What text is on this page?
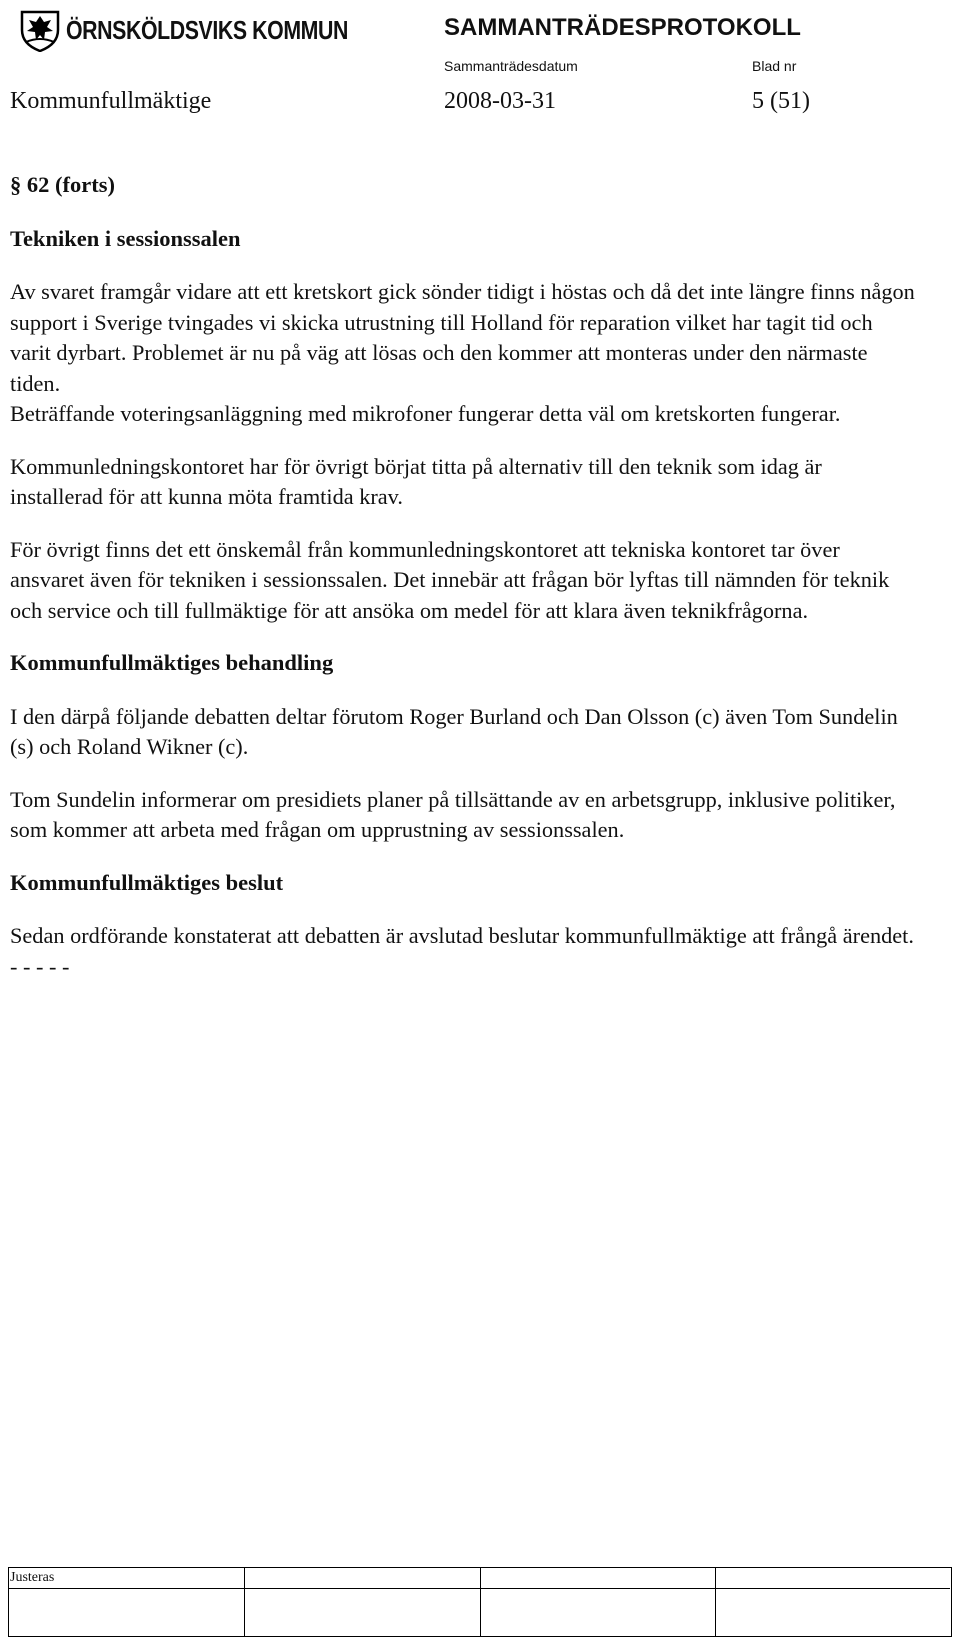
ÖRNSKÖLDSVIKS KOMMUN	SAMMANTRÄDESPROTOKOLL
Sammanträdesdatum	Blad nr
Kommunfullmäktige	2008-03-31	5 (51)
§ 62 (forts)
Tekniken i sessionssalen

Av svaret framgår vidare att ett kretskort gick sönder tidigt i höstas och då det inte längre finns någon support i Sverige tvingades vi skicka utrustning till Holland för reparation vilket har tagit tid och varit dyrbart. Problemet är nu på väg att lösas och den kommer att monteras under den närmaste tiden.

Beträffande voteringsanläggning med mikrofoner fungerar detta väl om kretskorten fungerar.

Kommunledningskontoret har för övrigt börjat titta på alternativ till den teknik som idag är installerad för att kunna möta framtida krav.

För övrigt finns det ett önskemål från kommunledningskontoret att tekniska kontoret tar över ansvaret även för tekniken i sessionssalen. Det innebär att frågan bör lyftas till nämnden för teknik och service och till fullmäktige för att ansöka om medel för att klara även teknikfrågorna.

Kommunfullmäktiges behandling

I den därpå följande debatten deltar förutom Roger Burland och Dan Olsson (c) även Tom Sundelin (s) och Roland Wikner (c).

Tom Sundelin informerar om presidiets planer på tillsättande av en arbetsgrupp, inklusive politiker, som kommer att arbeta med frågan om upprustning av sessionssalen.

Kommunfullmäktiges beslut

Sedan ordförande konstaterat att debatten är avslutad beslutar kommunfullmäktige att frångå ärendet.

- - - - -

Justeras
